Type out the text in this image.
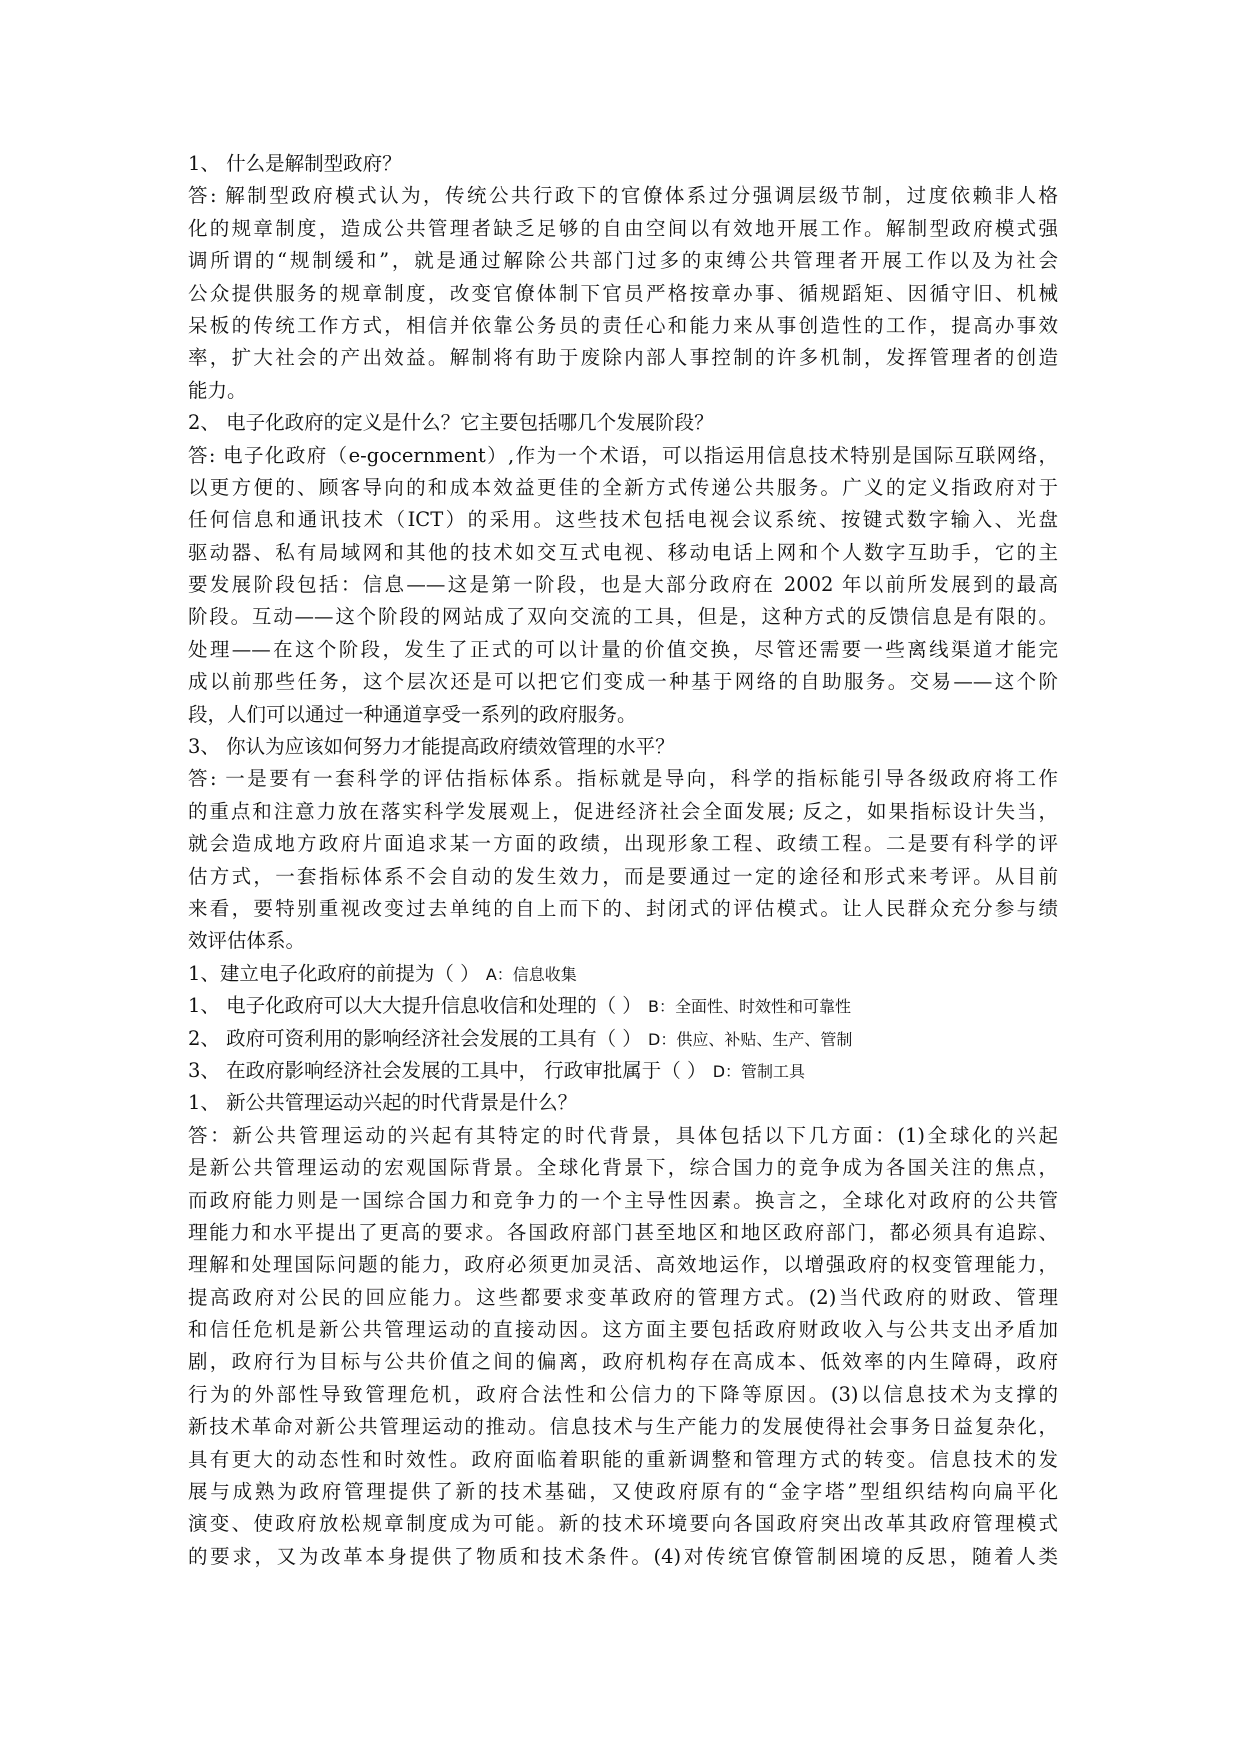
1、 什么是解制型政府？
答: 解制型政府模式认为，传统公共行政下的官僚体系过分强调层级节制，过度依赖非人格
化的规章制度，造成公共管理者缺乏足够的自由空间以有效地开展工作。解制型政府模式强
调所谓的“规制缓和”，就是通过解除公共部门过多的束缚公共管理者开展工作以及为社会
公众提供服务的规章制度，改变官僚体制下官员严格按章办事、循规蹈矩、因循守旧、机械
呆板的传统工作方式，相信并依靠公务员的责任心和能力来从事创造性的工作，提高办事效
率，扩大社会的产出效益。解制将有助于废除内部人事控制的许多机制，发挥管理者的创造
能力。
2、 电子化政府的定义是什么？它主要包括哪几个发展阶段？
答: 电子化政府（e-gocernment）,作为一个术语，可以指运用信息技术特别是国际互联网络，
以更方便的、顾客导向的和成本效益更佳的全新方式传递公共服务。广义的定义指政府对于
任何信息和通讯技术（ICT）的采用。这些技术包括电视会议系统、按键式数字输入、光盘
驱动器、私有局域网和其他的技术如交互式电视、移动电话上网和个人数字互助手，它的主
要发展阶段包括：信息——这是第一阶段，也是大部分政府在 2002 年以前所发展到的最高
阶段。互动——这个阶段的网站成了双向交流的工具，但是，这种方式的反馈信息是有限的。
处理——在这个阶段，发生了正式的可以计量的价值交换，尽管还需要一些离线渠道才能完
成以前那些任务，这个层次还是可以把它们变成一种基于网络的自助服务。交易——这个阶
段，人们可以通过一种通道享受一系列的政府服务。
3、 你认为应该如何努力才能提高政府绩效管理的水平？
答: 一是要有一套科学的评估指标体系。指标就是导向，科学的指标能引导各级政府将工作
的重点和注意力放在落实科学发展观上，促进经济社会全面发展; 反之，如果指标设计失当，
就会造成地方政府片面追求某一方面的政绩，出现形象工程、政绩工程。二是要有科学的评
估方式，一套指标体系不会自动的发生效力，而是要通过一定的途径和形式来考评。从目前
来看，要特别重视改变过去单纯的自上而下的、封闭式的评估模式。让人民群众充分参与绩
效评估体系。
1、建立电子化政府的前提为（ ） A：信息收集
1、 电子化政府可以大大提升信息收信和处理的（ ） B：全面性、时效性和可靠性
2、 政府可资利用的影响经济社会发展的工具有（ ） D：供应、补贴、生产、管制
3、 在政府影响经济社会发展的工具中， 行政审批属于（ ） D：管制工具
1、 新公共管理运动兴起的时代背景是什么？
答：新公共管理运动的兴起有其特定的时代背景，具体包括以下几方面：(1)全球化的兴起
是新公共管理运动的宏观国际背景。全球化背景下，综合国力的竞争成为各国关注的焦点，
而政府能力则是一国综合国力和竞争力的一个主导性因素。换言之，全球化对政府的公共管
理能力和水平提出了更高的要求。各国政府部门甚至地区和地区政府部门，都必须具有追踪、
理解和处理国际问题的能力，政府必须更加灵活、高效地运作，以增强政府的权变管理能力，
提高政府对公民的回应能力。这些都要求变革政府的管理方式。(2)当代政府的财政、管理
和信任危机是新公共管理运动的直接动因。这方面主要包括政府财政收入与公共支出矛盾加
剧，政府行为目标与公共价值之间的偏离，政府机构存在高成本、低效率的内生障碍，政府
行为的外部性导致管理危机，政府合法性和公信力的下降等原因。(3)以信息技术为支撑的
新技术革命对新公共管理运动的推动。信息技术与生产能力的发展使得社会事务日益复杂化，
具有更大的动态性和时效性。政府面临着职能的重新调整和管理方式的转变。信息技术的发
展与成熟为政府管理提供了新的技术基础，又使政府原有的“金字塔”型组织结构向扁平化
演变、使政府放松规章制度成为可能。新的技术环境要向各国政府突出改革其政府管理模式
的要求，又为改革本身提供了物质和技术条件。(4)对传统官僚管制困境的反思，随着人类
